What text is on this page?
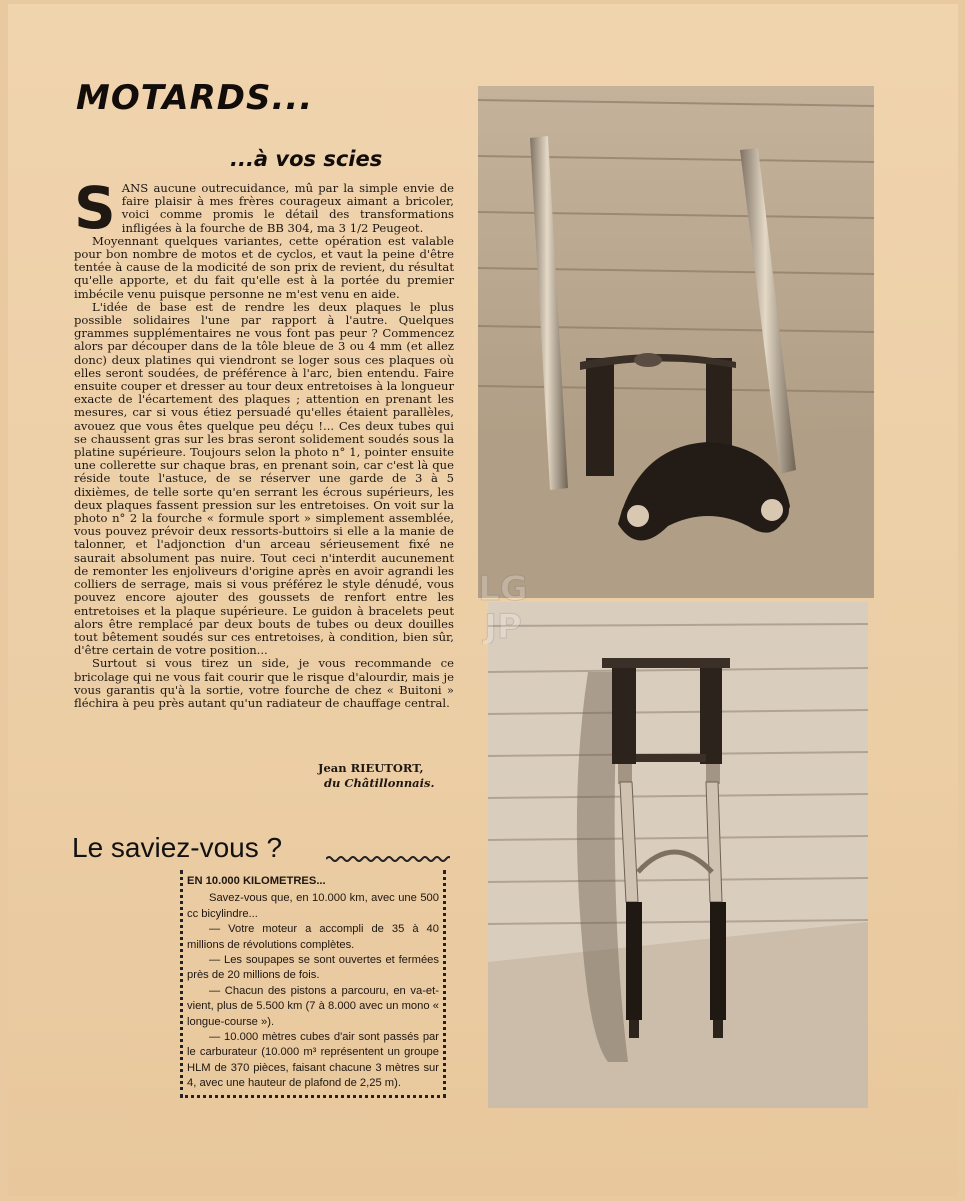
MOTARDS...
...à vos scies

SANS aucune outrecuidance, mû par la simple envie de faire plaisir à mes frères courageux aimant a bricoler, voici comme promis le détail des transformations infligées à la fourche de BB 304, ma 3 1/2 Peugeot.

Moyennant quelques variantes, cette opération est valable pour bon nombre de motos et de cyclos, et vaut la peine d'être tentée à cause de la modicité de son prix de revient, du résultat qu'elle apporte, et du fait qu'elle est à la portée du premier imbécile venu puisque personne ne m'est venu en aide.

L'idée de base est de rendre les deux plaques le plus possible solidaires l'une par rapport à l'autre. Quelques grammes supplémentaires ne vous font pas peur ? Commencez alors par découper dans de la tôle bleue de 3 ou 4 mm (et allez donc) deux platines qui viendront se loger sous ces plaques où elles seront soudées, de préférence à l'arc, bien entendu. Faire ensuite couper et dresser au tour deux entretoises à la longueur exacte de l'écartement des plaques ; attention en prenant les mesures, car si vous étiez persuadé qu'elles étaient parallèles, avouez que vous êtes quelque peu déçu !... Ces deux tubes qui se chaussent gras sur les bras seront solidement soudés sous la platine supérieure. Toujours selon la photo n° 1, pointer ensuite une collerette sur chaque bras, en prenant soin, car c'est là que réside toute l'astuce, de se réserver une garde de 3 à 5 dixièmes, de telle sorte qu'en serrant les écrous supérieurs, les deux plaques fassent pression sur les entretoises. On voit sur la photo n° 2 la fourche « formule sport » simplement assemblée, vous pouvez prévoir deux ressorts-buttoirs si elle a la manie de talonner, et l'adjonction d'un arceau sérieusement fixé ne saurait absolument pas nuire. Tout ceci n'interdit aucunement de remonter les enjoliveurs d'origine après en avoir agrandi les colliers de serrage, mais si vous préférez le style dénudé, vous pouvez encore ajouter des goussets de renfort entre les entretoises et la plaque supérieure. Le guidon à bracelets peut alors être remplacé par deux bouts de tubes ou deux douilles tout bêtement soudés sur ces entretoises, à condition, bien sûr, d'être certain de votre position...

Surtout si vous tirez un side, je vous recommande ce bricolage qui ne vous fait courir que le risque d'alourdir, mais je vous garantis qu'à la sortie, votre fourche de chez « Buitoni » fléchira à peu près autant qu'un radiateur de chauffage central.

Jean RIEUTORT,
du Châtillonnais.
Le saviez-vous ?
EN 10.000 KILOMETRES...

Savez-vous que, en 10.000 km, avec une 500 cc bicylindre...

— Votre moteur a accompli de 35 à 40 millions de révolutions complètes.

— Les soupapes se sont ouvertes et fermées près de 20 millions de fois.

— Chacun des pistons a parcouru, en va-et-vient, plus de 5.500 km (7 à 8.000 avec un mono « longue-course »).

— 10.000 mètres cubes d'air sont passés par le carburateur (10.000 m³ représentent un groupe HLM de 370 pièces, faisant chacune 3 mètres sur 4, avec une hauteur de plafond de 2,25 m).

LG
JP
